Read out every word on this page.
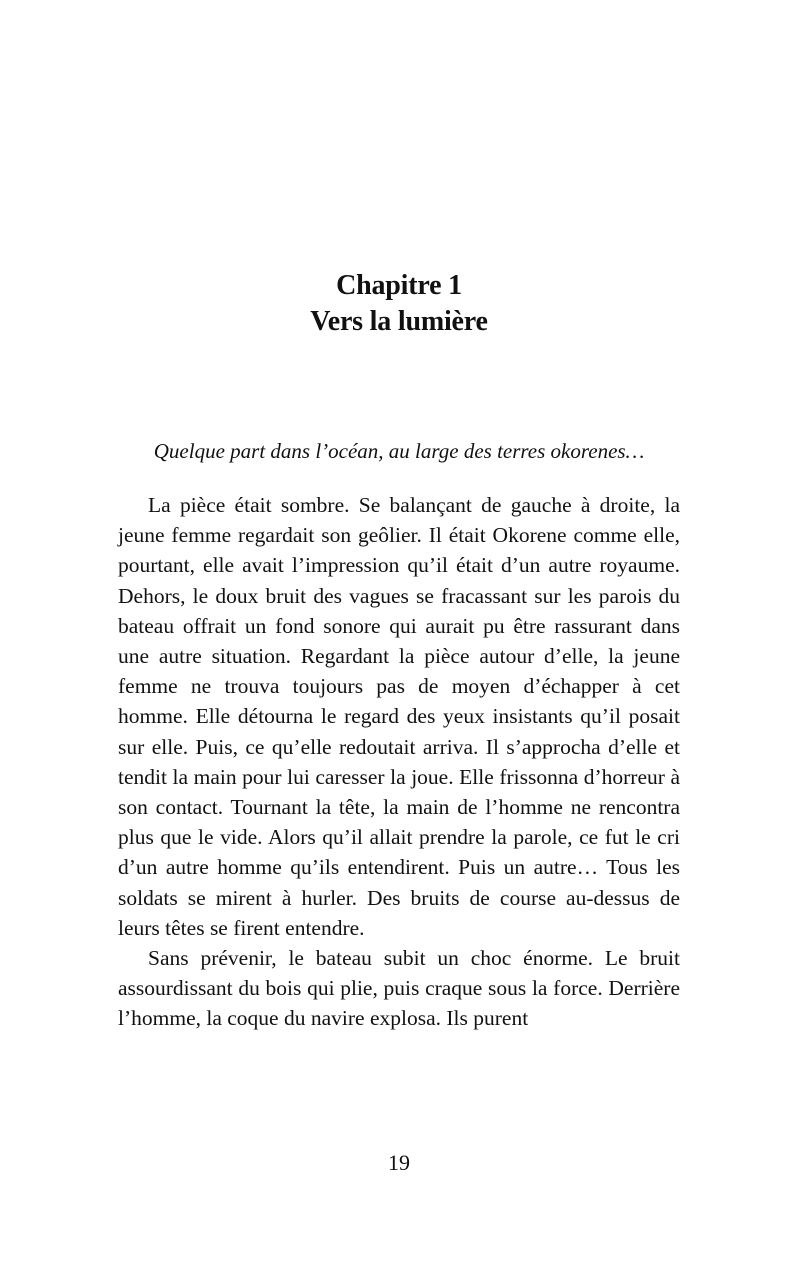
Chapitre 1
Vers la lumière
Quelque part dans l’océan, au large des terres okorenes…

La pièce était sombre. Se balançant de gauche à droite, la jeune femme regardait son geôlier. Il était Okorene comme elle, pourtant, elle avait l’impression qu’il était d’un autre royaume. Dehors, le doux bruit des vagues se fracassant sur les parois du bateau offrait un fond sonore qui aurait pu être rassurant dans une autre situation. Regardant la pièce autour d’elle, la jeune femme ne trouva toujours pas de moyen d’échapper à cet homme. Elle détourna le regard des yeux insistants qu’il posait sur elle. Puis, ce qu’elle redoutait arriva. Il s’approcha d’elle et tendit la main pour lui caresser la joue. Elle frissonna d’horreur à son contact. Tournant la tête, la main de l’homme ne rencontra plus que le vide. Alors qu’il allait prendre la parole, ce fut le cri d’un autre homme qu’ils entendirent. Puis un autre… Tous les soldats se mirent à hurler. Des bruits de course au-dessus de leurs têtes se firent entendre.

Sans prévenir, le bateau subit un choc énorme. Le bruit assourdissant du bois qui plie, puis craque sous la force. Derrière l’homme, la coque du navire explosa. Ils purent

19
